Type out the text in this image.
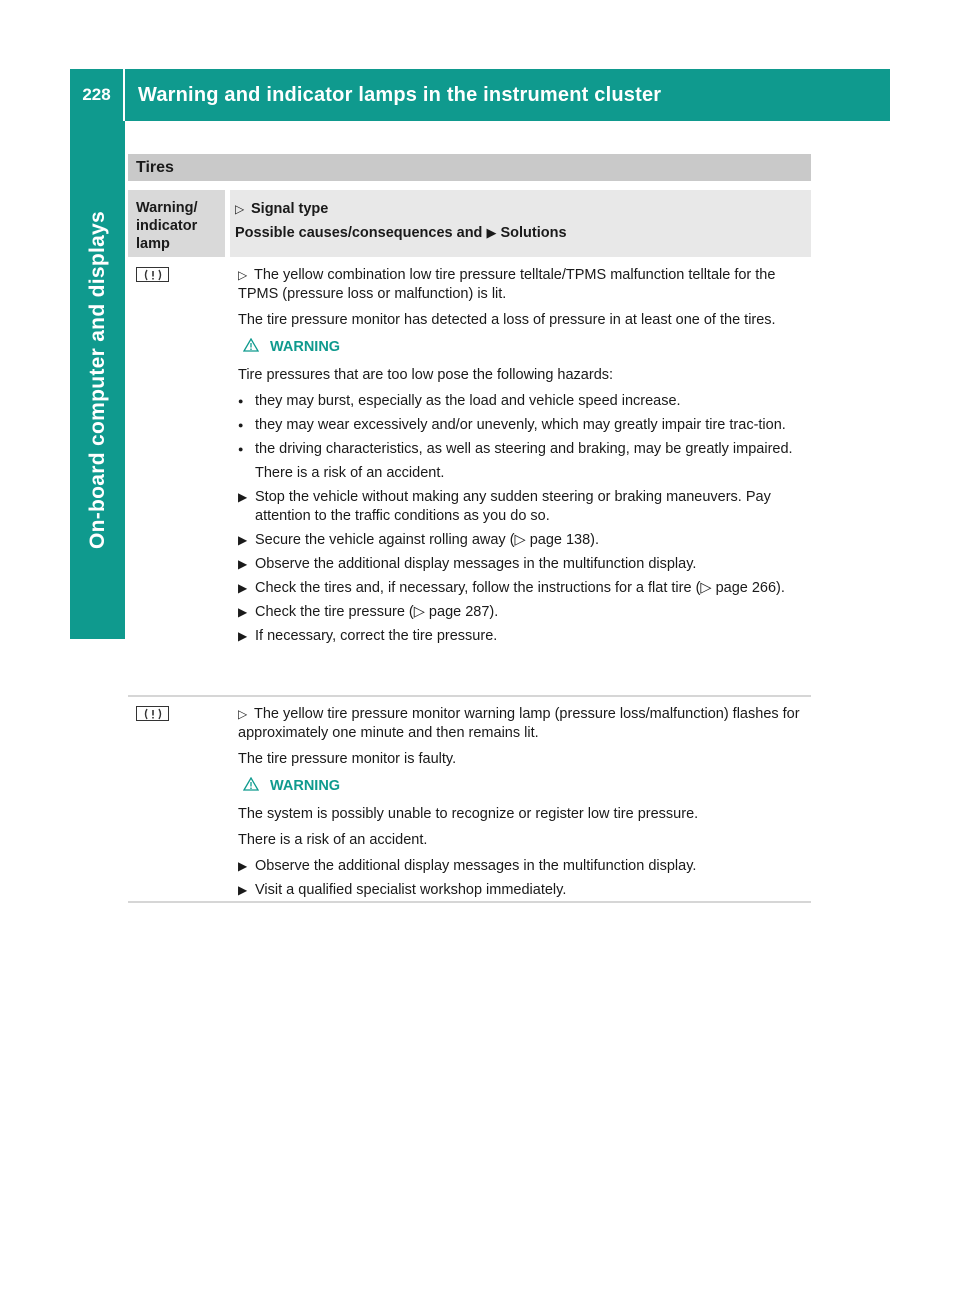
228	Warning and indicator lamps in the instrument cluster
On-board computer and displays
Tires
Warning/ indicator lamp
▷ Signal type
Possible causes/consequences and ▶ Solutions

▷ The yellow combination low tire pressure telltale/TPMS malfunction telltale for the TPMS (pressure loss or malfunction) is lit.

The tire pressure monitor has detected a loss of pressure in at least one of the tires.

WARNING

Tire pressures that are too low pose the following hazards:

● they may burst, especially as the load and vehicle speed increase.
● they may wear excessively and/or unevenly, which may greatly impair tire trac-tion.
● the driving characteristics, as well as steering and braking, may be greatly impaired.
There is a risk of an accident.
▶ Stop the vehicle without making any sudden steering or braking maneuvers. Pay attention to the traffic conditions as you do so.
▶ Secure the vehicle against rolling away (▷ page 138).
▶ Observe the additional display messages in the multifunction display.
▶ Check the tires and, if necessary, follow the instructions for a flat tire (▷ page 266).
▶ Check the tire pressure (▷ page 287).
▶ If necessary, correct the tire pressure.

▷ The yellow tire pressure monitor warning lamp (pressure loss/malfunction) flashes for approximately one minute and then remains lit.

The tire pressure monitor is faulty.

WARNING

The system is possibly unable to recognize or register low tire pressure.

There is a risk of an accident.

▶ Observe the additional display messages in the multifunction display.
▶ Visit a qualified specialist workshop immediately.
